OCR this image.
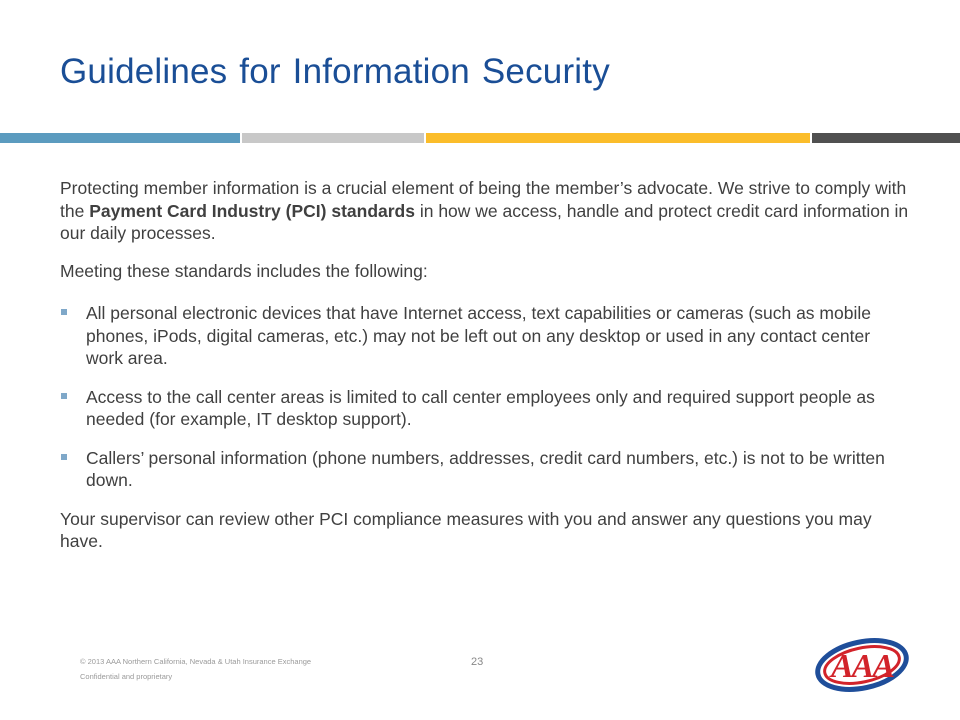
Guidelines for Information Security

Protecting member information is a crucial element of being the member’s advocate. We strive to comply with the Payment Card Industry (PCI) standards in how we access, handle and protect credit card information in our daily processes.

Meeting these standards includes the following:

All personal electronic devices that have Internet access, text capabilities or cameras (such as mobile phones, iPods, digital cameras, etc.) may not be left out on any desktop or used in any contact center work area.
Access to the call center areas is limited to call center employees only and required support people as needed (for example, IT desktop support).
Callers’ personal information (phone numbers, addresses, credit card numbers, etc.) is not to be written down.

Your supervisor can review other PCI compliance measures with you and answer any questions you may have.

© 2013 AAA Northern California, Nevada & Utah Insurance Exchange
Confidential and proprietary
23	AAA
